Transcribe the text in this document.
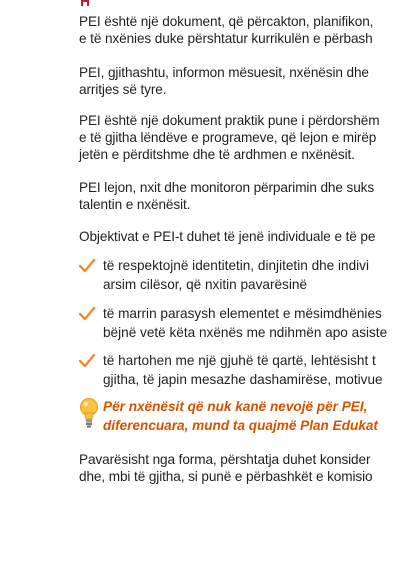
PEI është një dokument, që përcakton, planifikon,
e të nxënies duke përshtatur kurrikulën e përbash
PEI, gjithashtu, informon mësuesit, nxënësin dhe
arritjes së tyre.
PEI është një dokument praktik pune i përdorshëm
e të gjitha lëndëve e programeve, që lejon e mirëp
jetën e përditshme dhe të ardhmen e nxënësit.
PEI lejon, nxit dhe monitoron përparimin dhe suks
talentin e nxënësit.
Objektivat e PEI-t duhet të jenë individuale e të pe
të respektojnë identitetin, dinjitetin dhe indivi
arsim cilësor, që nxitin pavarësinë
të marrin parasysh elementet e mësimdhënies
bëjnë vetë këta nxënës me ndihmën apo asiste
të hartohen me një gjuhë të qartë, lehtësisht t
gjitha, të japin mesazhe dashamirëse, motivue
Për nxënësit që nuk kanë nevojë për PEI,
diferencuara, mund ta quajmë Plan Edukat
Pavarësisht nga forma, përshtatja duhet konsider
dhe, mbi të gjitha, si punë e përbashkët e komisio
